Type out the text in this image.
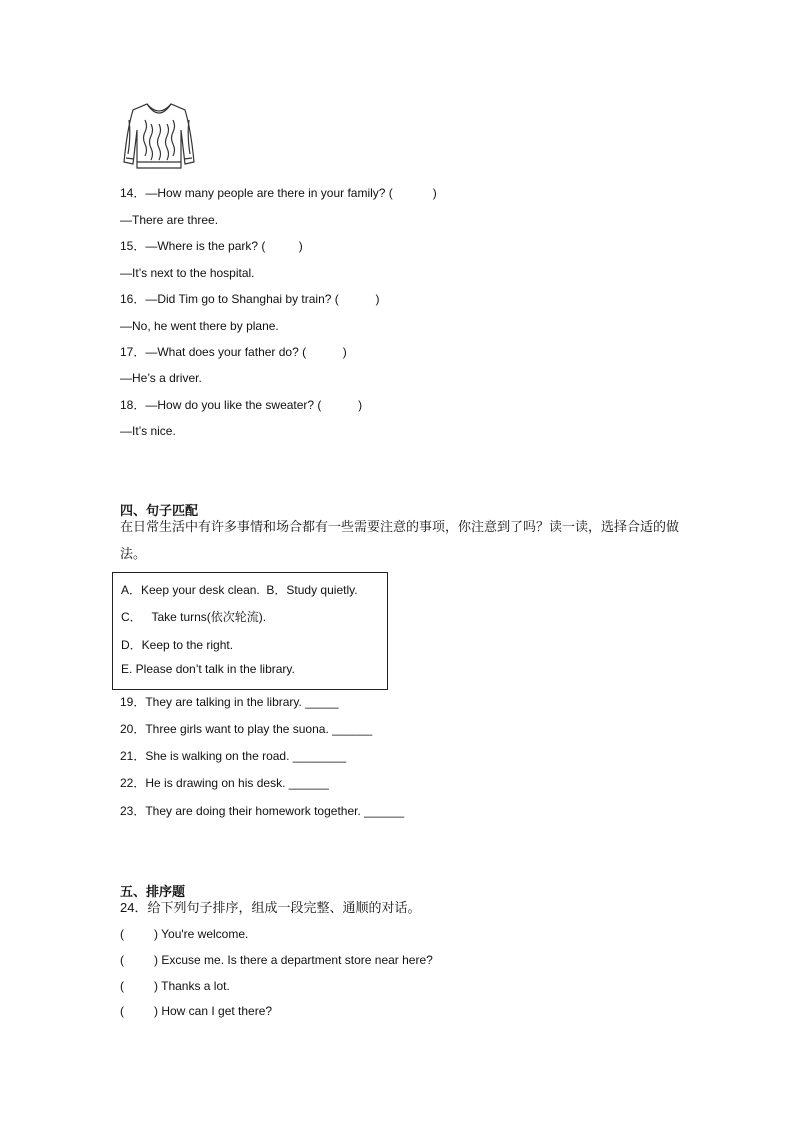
14．—How many people are there in your family? (            )
—There are three.
15．—Where is the park? (          )
—It’s next to the hospital.
16．—Did Tim go to Shanghai by train? (           )
—No, he went there by plane.
17．—What does your father do? (           )
—He’s a driver.
18．—How do you like the sweater? (           )
—It’s nice.
四、句子匹配
在日常生活中有许多事情和场合都有一些需要注意的事项，你注意到了吗？读一读，选择合适的做法。
A．Keep your desk clean.  B．Study quietly.
C．   Take turns(依次轮流).
D．Keep to the right.
E. Please don’t talk in the library.
19．They are talking in the library. _____
20．Three girls want to play the suona. ______
21．She is walking on the road. ________
22．He is drawing on his desk. ______
23．They are doing their homework together. ______
五、排序题
24．给下列句子排序，组成一段完整、通顺的对话。
(         ) You're welcome.
(         ) Excuse me. Is there a department store near here?
(         ) Thanks a lot.
(         ) How can I get there?
